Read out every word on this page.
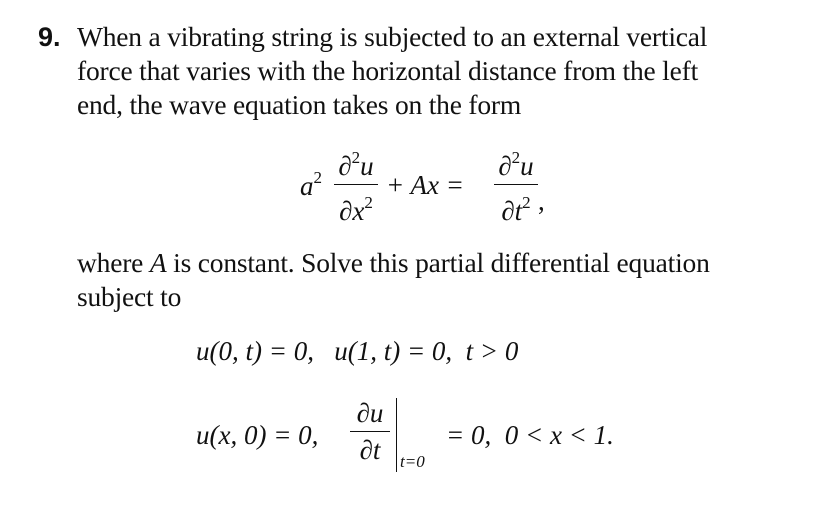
9. When a vibrating string is subjected to an external vertical
force that varies with the horizontal distance from the left
end, the wave equation takes on the form
$a^2$ ∂$^2$u
$\partial x^2$
+ Ax =
∂$^2$u
$\partial t^2$ ,
where A is constant. Solve this partial differential equation
subject to
u(0, t) = 0,   u(1, t) = 0,  t > 0
u(x, 0) = 0,
∂u
∂t	t=0
= 0,  0 < x < 1.
